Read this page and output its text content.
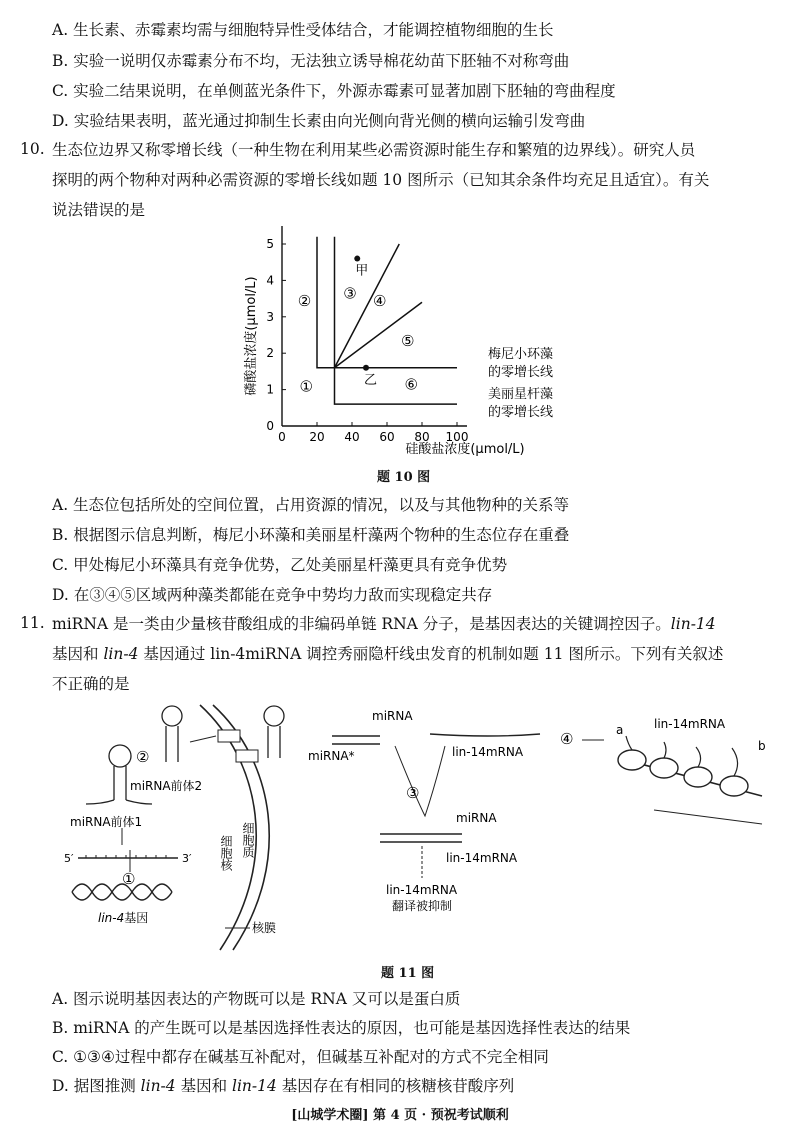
A. 生长素、赤霉素均需与细胞特异性受体结合，才能调控植物细胞的生长
B. 实验一说明仅赤霉素分布不均，无法独立诱导棉花幼苗下胚轴不对称弯曲
C. 实验二结果说明，在单侧蓝光条件下，外源赤霉素可显著加剧下胚轴的弯曲程度
D. 实验结果表明，蓝光通过抑制生长素由向光侧向背光侧的横向运输引发弯曲
10. 生态位边界又称零增长线（一种生物在利用某些必需资源时能生存和繁殖的边界线）。研究人员
探明的两个物种对两种必需资源的零增长线如题 10 图所示（已知其余条件均充足且适宜）。有关
说法错误的是
0 20 40 60 80 100
0
1
2
3
4
5
甲
乙
①
② ③ ④
⑤
⑥
磷酸盐浓度(μmol/L)
硅酸盐浓度(μmol/L)
梅尼小环藻
的零增长线
美丽星杆藻
的零增长线
题 10 图
A. 生态位包括所处的空间位置，占用资源的情况，以及与其他物种的关系等
B. 根据图示信息判断，梅尼小环藻和美丽星杆藻两个物种的生态位存在重叠
C. 甲处梅尼小环藻具有竞争优势，乙处美丽星杆藻更具有竞争优势
D. 在③④⑤区域两种藻类都能在竞争中势均力敌而实现稳定共存
11. miRNA 是一类由少量核苷酸组成的非编码单链 RNA 分子，是基因表达的关键调控因子。lin-14
基因和 lin-4 基因通过 lin-4miRNA 调控秀丽隐杆线虫发育的机制如题 11 图所示。下列有关叙述
不正确的是
细胞核 细胞质
核膜
lin-4基因
①
5′	3′
miRNA前体1
②
miRNA前体2
miRNA
miRNA*	lin-14mRNA
③
miRNA
lin-14mRNA
lin-14mRNA
翻译被抑制
④	a
b
lin-14mRNA
题 11 图
A. 图示说明基因表达的产物既可以是 RNA 又可以是蛋白质
B. miRNA 的产生既可以是基因选择性表达的原因，也可能是基因选择性表达的结果
C. ①③④过程中都存在碱基互补配对，但碱基互补配对的方式不完全相同
D. 据图推测 lin-4 基因和 lin-14 基因存在有相同的核糖核苷酸序列
[山城学术圈] 第 4 页 · 预祝考试顺利
